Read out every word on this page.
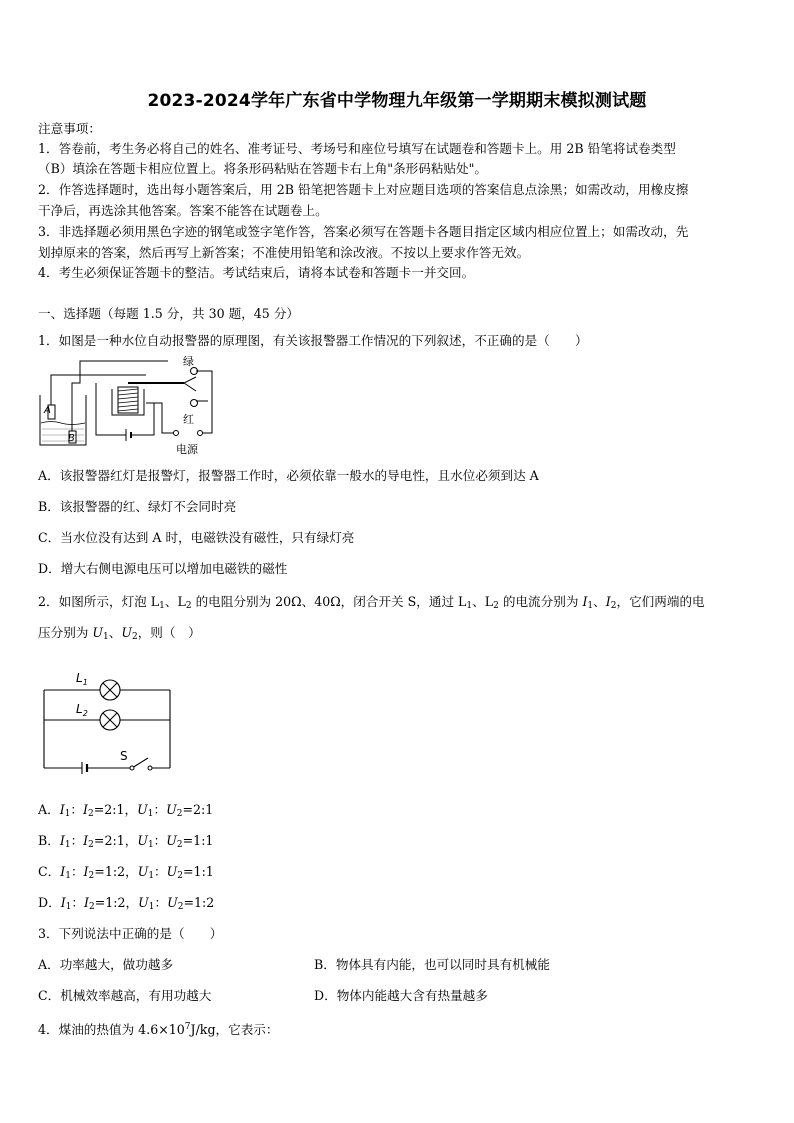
2023-2024学年广东省中学物理九年级第一学期期末模拟测试题
注意事项：
1．答卷前，考生务必将自己的姓名、准考证号、考场号和座位号填写在试题卷和答题卡上。用 2B 铅笔将试卷类型
（B）填涂在答题卡相应位置上。将条形码粘贴在答题卡右上角"条形码粘贴处"。
2．作答选择题时，选出每小题答案后，用 2B 铅笔把答题卡上对应题目选项的答案信息点涂黑；如需改动，用橡皮擦
干净后，再选涂其他答案。答案不能答在试题卷上。
3．非选择题必须用黑色字迹的钢笔或签字笔作答，答案必须写在答题卡各题目指定区域内相应位置上；如需改动，先
划掉原来的答案，然后再写上新答案；不准使用铅笔和涂改液。不按以上要求作答无效。
4．考生必须保证答题卡的整洁。考试结束后，请将本试卷和答题卡一并交回。
一、选择题（每题 1.5 分，共 30 题，45 分）
1．如图是一种水位自动报警器的原理图，有关该报警器工作情况的下列叙述，不正确的是（　　）
A
B
绿
红
电源
A．该报警器红灯是报警灯，报警器工作时，必须依靠一般水的导电性，且水位必须到达 A
B．该报警器的红、绿灯不会同时亮
C．当水位没有达到 A 时，电磁铁没有磁性，只有绿灯亮
D．增大右侧电源电压可以增加电磁铁的磁性
2．如图所示，灯泡 $L_1$、$L_2$ 的电阻分别为 20Ω、40Ω，闭合开关 S，通过 $L_1$、$L_2$ 的电流分别为 $I_1$、$I_2$，它们两端的电
压分别为 $U_1$、$U_2$，则（　）
$L_1$
$L_2$
S
A．$I_1$：$I_2=2:1$，$U_1$：$U_2=2:1$
B．$I_1$：$I_2=2:1$，$U_1$：$U_2=1:1$
C．$I_1$：$I_2=1:2$，$U_1$：$U_2=1:1$
D．$I_1$：$I_2=1:2$，$U_1$：$U_2=1:2$
3．下列说法中正确的是（　　）
A．功率越大，做功越多	B．物体具有内能，也可以同时具有机械能
C．机械效率越高，有用功越大	D．物体内能越大含有热量越多
4．煤油的热值为 $4.6\times 10^7J/kg$，它表示：
